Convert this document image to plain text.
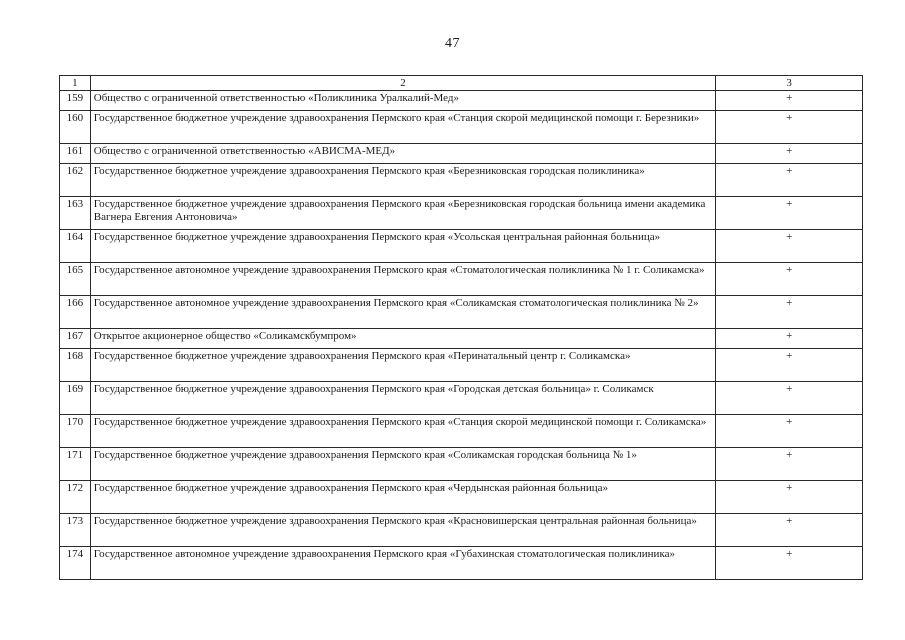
47
1	2	3
159	Общество с ограниченной ответственностью «Поликлиника Уралкалий-Мед»	+
160	Государственное бюджетное учреждение здравоохранения Пермского края «Станция скорой медицинской помощи г. Березники»	+
161	Общество с ограниченной ответственностью «АВИСМА-МЕД»	+
162	Государственное бюджетное учреждение здравоохранения Пермского края «Березниковская городская поликлиника»	+
163	Государственное бюджетное учреждение здравоохранения Пермского края «Березниковская городская больница имени академика Вагнера Евгения Антоновича»	+
164	Государственное бюджетное учреждение здравоохранения Пермского края «Усольская центральная районная больница»	+
165	Государственное автономное учреждение здравоохранения Пермского края «Стоматологическая поликлиника № 1 г. Соликамска»	+
166	Государственное автономное учреждение здравоохранения Пермского края «Соликамская стоматологическая поликлиника № 2»	+
167	Открытое акционерное общество «Соликамскбумпром»	+
168	Государственное бюджетное учреждение здравоохранения Пермского края «Перинатальный центр г. Соликамска»	+
169	Государственное бюджетное учреждение здравоохранения Пермского края «Городская детская больница» г. Соликамск	+
170	Государственное бюджетное учреждение здравоохранения Пермского края «Станция скорой медицинской помощи г. Соликамска»	+
171	Государственное бюджетное учреждение здравоохранения Пермского края «Соликамская городская больница № 1»	+
172	Государственное бюджетное учреждение здравоохранения Пермского края «Чердынская районная больница»	+
173	Государственное бюджетное учреждение здравоохранения Пермского края «Красновишерская центральная районная больница»	+
174	Государственное автономное учреждение здравоохранения Пермского края «Губахинская стоматологическая поликлиника»	+
